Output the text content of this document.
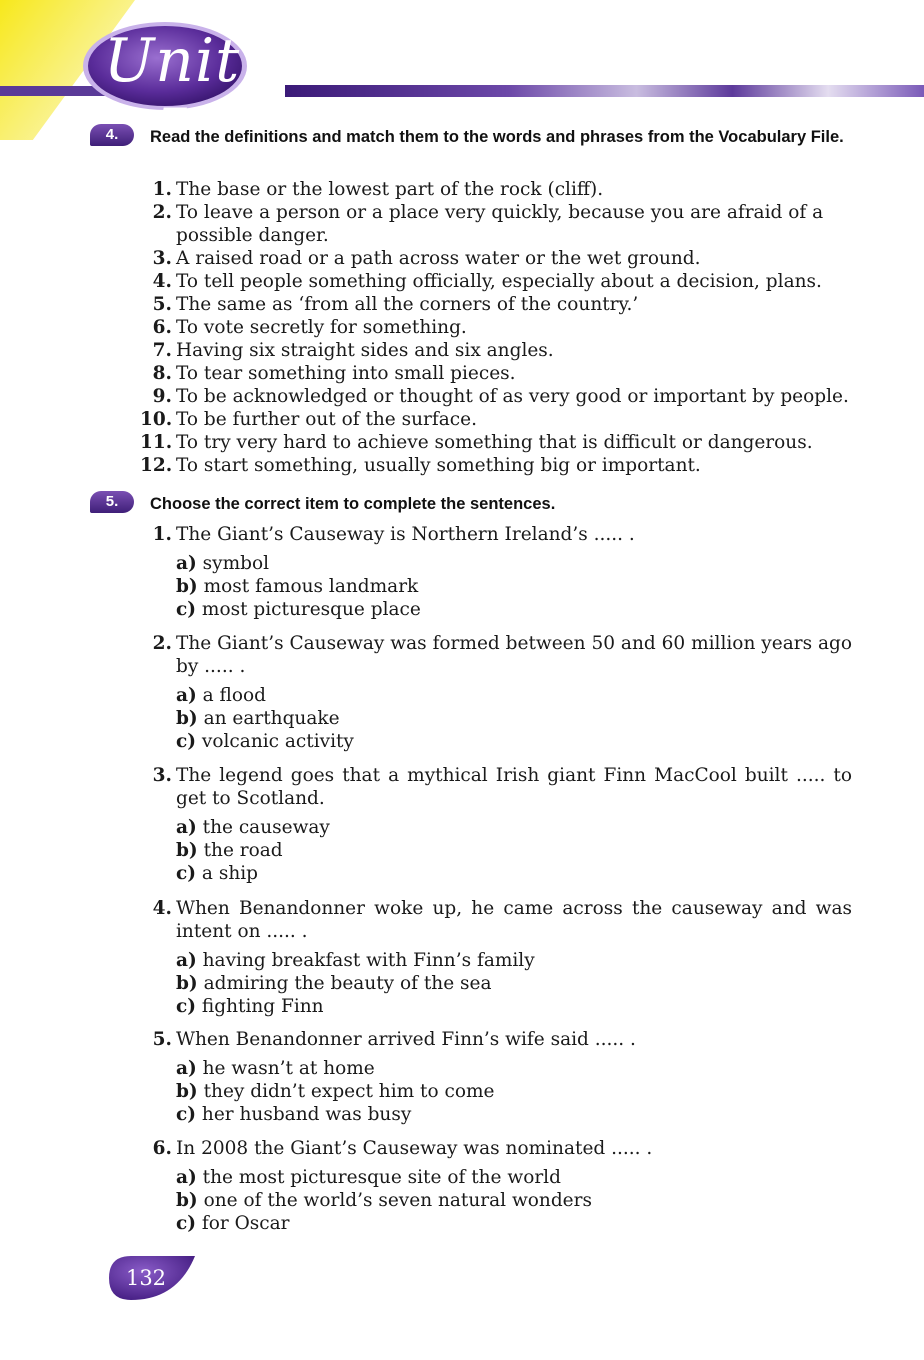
Unit 5
4.	Read the definitions and match them to the words and phrases from the Vocabulary File.
1. The base or the lowest part of the rock (cliff).
2. To leave a person or a place very quickly, because you are afraid of a possible danger.
3. A raised road or a path across water or the wet ground.
4. To tell people something officially, especially about a decision, plans.
5. The same as ‘from all the corners of the country.’
6. To vote secretly for something.
7. Having six straight sides and six angles.
8. To tear something into small pieces.
9. To be acknowledged or thought of as very good or important by people.
10. To be further out of the surface.
11. To try very hard to achieve something that is difficult or dangerous.
12. To start something, usually something big or important.
5.	Choose the correct item to complete the sentences.
1. The Giant’s Causeway is Northern Ireland’s ..... .
a) symbol
b) most famous landmark
c) most picturesque place
2. The Giant’s Causeway was formed between 50 and 60 million years ago by ..... .
a) a flood
b) an earthquake
c) volcanic activity
3. The legend goes that a mythical Irish giant Finn MacCool built ..... to get to Scotland.
a) the causeway
b) the road
c) a ship
4. When Benandonner woke up, he came across the causeway and was intent on ..... .
a) having breakfast with Finn’s family
b) admiring the beauty of the sea
c) fighting Finn
5. When Benandonner arrived Finn’s wife said ..... .
a) he wasn’t at home
b) they didn’t expect him to come
c) her husband was busy
6. In 2008 the Giant’s Causeway was nominated ..... .
a) the most picturesque site of the world
b) one of the world’s seven natural wonders
c) for Oscar
132
